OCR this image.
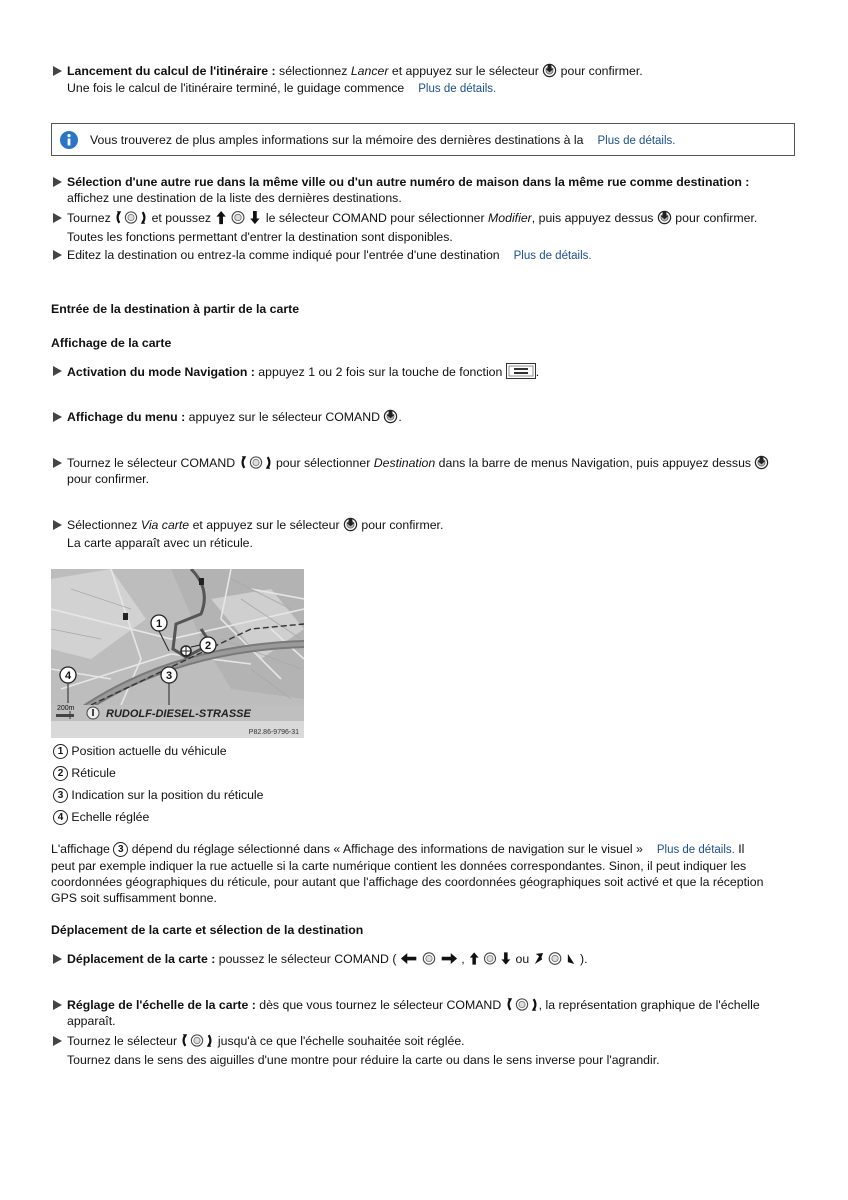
Lancement du calcul de l'itinéraire : sélectionnez Lancer et appuyez sur le sélecteur  pour confirmer.
Une fois le calcul de l'itinéraire terminé, le guidage commence Plus de détails.
Vous trouverez de plus amples informations sur la mémoire des dernières destinations à la Plus de détails.
Sélection d'une autre rue dans la même ville ou d'un autre numéro de maison dans la même rue comme destination :
affichez une destination de la liste des dernières destinations.
Tournez	et poussez	le sélecteur COMAND pour sélectionner Modifier, puis appuyez dessus  pour confirmer.
Toutes les fonctions permettant d'entrer la destination sont disponibles.
Editez la destination ou entrez-la comme indiqué pour l'entrée d'une destination Plus de détails.
Entrée de la destination à partir de la carte
Affichage de la carte
Activation du mode Navigation : appuyez 1 ou 2 fois sur la touche de fonction .
Affichage du menu : appuyez sur le sélecteur COMAND .
Tournez le sélecteur COMAND	pour sélectionner Destination dans la barre de menus Navigation, puis appuyez dessus
pour confirmer.
Sélectionnez Via carte et appuyez sur le sélecteur  pour confirmer.
La carte apparaît avec un réticule.
1
2
3
4
200m	RUDOLF-DIESEL-STRASSE
P82.86-9796-31
1 Position actuelle du véhicule
2 Réticule
3 Indication sur la position du réticule
4 Echelle réglée
L'affichage 3 dépend du réglage sélectionné dans « Affichage des informations de navigation sur le visuel » Plus de détails. Il
peut par exemple indiquer la rue actuelle si la carte numérique contient les données correspondantes. Sinon, il peut indiquer les
coordonnées géographiques du réticule, pour autant que l'affichage des coordonnées géographiques soit activé et que la réception
GPS soit suffisamment bonne.
Déplacement de la carte et sélection de la destination
Déplacement de la carte : poussez le sélecteur COMAND (	,	ou	).
Réglage de l'échelle de la carte : dès que vous tournez le sélecteur COMAND	, la représentation graphique de l'échelle
apparaît.
Tournez le sélecteur	jusqu'à ce que l'échelle souhaitée soit réglée.
Tournez dans le sens des aiguilles d'une montre pour réduire la carte ou dans le sens inverse pour l'agrandir.
